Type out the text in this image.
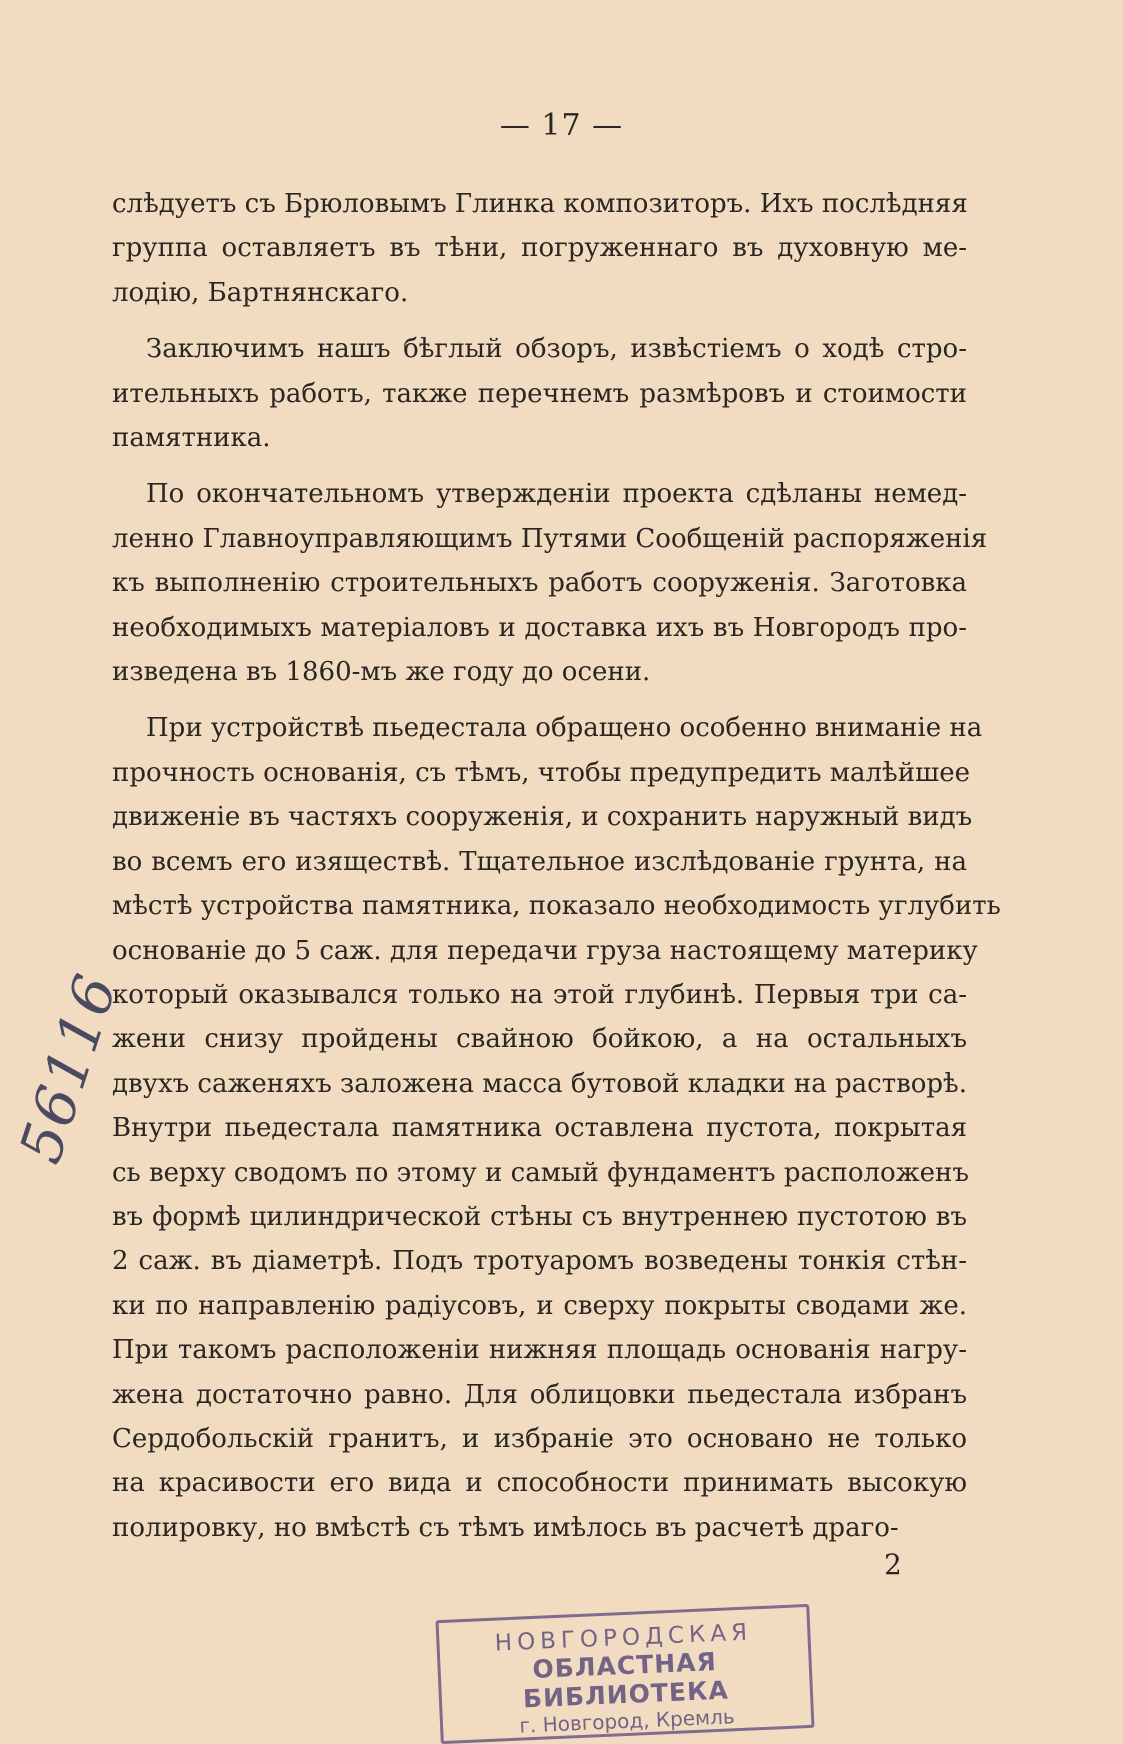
— 17 —

слѣдуетъ съ Брюловымъ Глинка композиторъ. Ихъ послѣдняя
группа оставляетъ въ тѣни, погруженнаго въ духовную ме-
лодію, Бартнянскаго.

Заключимъ нашъ бѣглый обзоръ, извѣстіемъ о ходѣ стро-
ительныхъ работъ, также перечнемъ размѣровъ и стоимости
памятника.

По окончательномъ утвержденіи проекта сдѣланы немед-
ленно Главноуправляющимъ Путями Сообщеній распоряженія
къ выполненію строительныхъ работъ сооруженія. Заготовка
необходимыхъ матеріаловъ и доставка ихъ въ Новгородъ про-
изведена въ 1860-мъ же году до осени.

При устройствѣ пьедестала обращено особенно вниманіе на
прочность основанія, съ тѣмъ, чтобы предупредить малѣйшее
движеніе въ частяхъ сооруженія, и сохранить наружный видъ
во всемъ его изяществѣ. Тщательное изслѣдованіе грунта, на
мѣстѣ устройства памятника, показало необходимость углубить
основаніе до 5 саж. для передачи груза настоящему материку
который оказывался только на этой глубинѣ. Первыя три са-
жени снизу пройдены свайною бойкою, а на остальныхъ
двухъ саженяхъ заложена масса бутовой кладки на растворѣ.
Внутри пьедестала памятника оставлена пустота, покрытая
сь верху сводомъ по этому и самый фундаментъ расположенъ
въ формѣ цилиндрической стѣны съ внутреннею пустотою въ
2 саж. въ діаметрѣ. Подъ тротуаромъ возведены тонкія стѣн-
ки по направленію радіусовъ, и сверху покрыты сводами же.
При такомъ расположеніи нижняя площадь основанія нагру-
жена достаточно равно. Для облицовки пьедестала избранъ
Сердобольскій гранитъ, и избраніе это основано не только
на красивости его вида и способности принимать высокую
полировку, но вмѣстѣ съ тѣмъ имѣлось въ расчетѣ драго-

56116
2
НОВГОРОДСКАЯ
ОБЛАСТНАЯ БИБЛИОТЕКА
г. Новгород, Кремль
